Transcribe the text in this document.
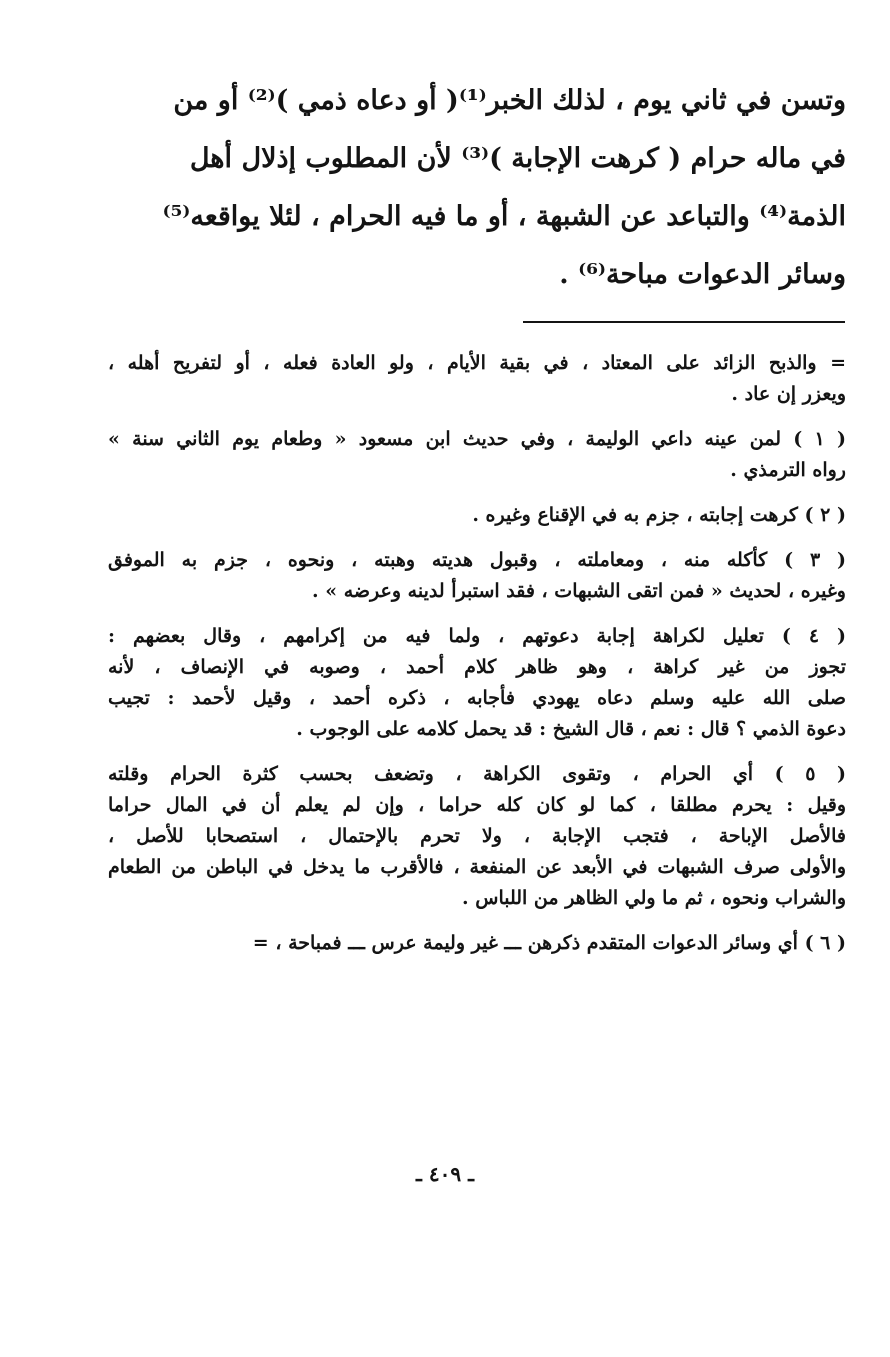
وتسن في ثاني يوم ، لذلك الخبر⁽¹⁾( أو دعاه ذمي )⁽²⁾ أو من
في ماله حرام ( كرهت الإجابة )⁽³⁾ لأن المطلوب إذلال أهل
الذمة⁽⁴⁾ والتباعد عن الشبهة ، أو ما فيه الحرام ، لئلا يواقعه⁽⁵⁾
وسائر الدعوات مباحة⁽⁶⁾ .
= والذبح الزائد على المعتاد ، في بقية الأيام ، ولو العادة فعله ، أو لتفريح أهله ،
ويعزر إن عاد .
( ١ ) لمن عينه داعي الوليمة ، وفي حديث ابن مسعود « وطعام يوم الثاني سنة »
رواه الترمذي .
( ٢ ) كرهت إجابته ، جزم به في الإقناع وغيره .
( ٣ ) كأكله منه ، ومعاملته ، وقبول هديته وهبته ، ونحوه ، جزم به الموفق
وغيره ، لحديث « فمن اتقى الشبهات ، فقد استبرأ لدينه وعرضه » .
( ٤ ) تعليل لكراهة إجابة دعوتهم ، ولما فيه من إكرامهم ، وقال بعضهم :
تجوز من غير كراهة ، وهو ظاهر كلام أحمد ، وصوبه في الإنصاف ، لأنه
صلى الله عليه وسلم دعاه يهودي فأجابه ، ذكره أحمد ، وقيل لأحمد : تجيب
دعوة الذمي ؟ قال : نعم ، قال الشيخ : قد يحمل كلامه على الوجوب .
( ٥ ) أي الحرام ، وتقوى الكراهة ، وتضعف بحسب كثرة الحرام وقلته
وقيل : يحرم مطلقا ، كما لو كان كله حراما ، وإن لم يعلم أن في المال حراما
فالأصل الإباحة ، فتجب الإجابة ، ولا تحرم بالإحتمال ، استصحابا للأصل ،
والأولى صرف الشبهات في الأبعد عن المنفعة ، فالأقرب ما يدخل في الباطن من الطعام
والشراب ونحوه ، ثم ما ولي الظاهر من اللباس .
( ٦ ) أي وسائر الدعوات المتقدم ذكرهن ـــ غير وليمة عرس ـــ فمباحة ، =
ـ ٤٠٩ ـ
